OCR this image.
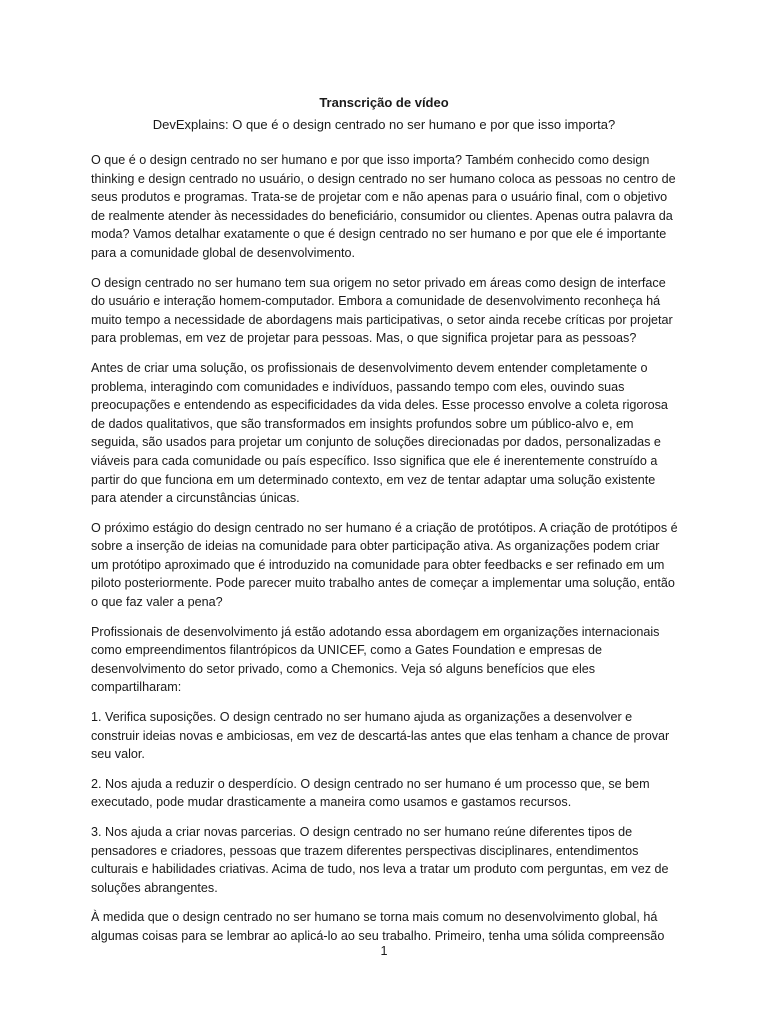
Transcrição de vídeo

DevExplains: O que é o design centrado no ser humano e por que isso importa?

O que é o design centrado no ser humano e por que isso importa? Também conhecido como design thinking e design centrado no usuário, o design centrado no ser humano coloca as pessoas no centro de seus produtos e programas. Trata-se de projetar com e não apenas para o usuário final, com o objetivo de realmente atender às necessidades do beneficiário, consumidor ou clientes. Apenas outra palavra da moda? Vamos detalhar exatamente o que é design centrado no ser humano e por que ele é importante para a comunidade global de desenvolvimento.

O design centrado no ser humano tem sua origem no setor privado em áreas como design de interface do usuário e interação homem-computador. Embora a comunidade de desenvolvimento reconheça há muito tempo a necessidade de abordagens mais participativas, o setor ainda recebe críticas por projetar para problemas, em vez de projetar para pessoas. Mas, o que significa projetar para as pessoas?

Antes de criar uma solução, os profissionais de desenvolvimento devem entender completamente o problema, interagindo com comunidades e indivíduos, passando tempo com eles, ouvindo suas preocupações e entendendo as especificidades da vida deles. Esse processo envolve a coleta rigorosa de dados qualitativos, que são transformados em insights profundos sobre um público-alvo e, em seguida, são usados para projetar um conjunto de soluções direcionadas por dados, personalizadas e viáveis para cada comunidade ou país específico. Isso significa que ele é inerentemente construído a partir do que funciona em um determinado contexto, em vez de tentar adaptar uma solução existente para atender a circunstâncias únicas.

O próximo estágio do design centrado no ser humano é a criação de protótipos. A criação de protótipos é sobre a inserção de ideias na comunidade para obter participação ativa. As organizações podem criar um protótipo aproximado que é introduzido na comunidade para obter feedbacks e ser refinado em um piloto posteriormente. Pode parecer muito trabalho antes de começar a implementar uma solução, então o que faz valer a pena?

Profissionais de desenvolvimento já estão adotando essa abordagem em organizações internacionais como empreendimentos filantrópicos da UNICEF, como a Gates Foundation e empresas de desenvolvimento do setor privado, como a Chemonics. Veja só alguns benefícios que eles compartilharam:

1. Verifica suposições. O design centrado no ser humano ajuda as organizações a desenvolver e construir ideias novas e ambiciosas, em vez de descartá-las antes que elas tenham a chance de provar seu valor.

2. Nos ajuda a reduzir o desperdício. O design centrado no ser humano é um processo que, se bem executado, pode mudar drasticamente a maneira como usamos e gastamos recursos.

3. Nos ajuda a criar novas parcerias. O design centrado no ser humano reúne diferentes tipos de pensadores e criadores, pessoas que trazem diferentes perspectivas disciplinares, entendimentos culturais e habilidades criativas. Acima de tudo, nos leva a tratar um produto com perguntas, em vez de soluções abrangentes.

À medida que o design centrado no ser humano se torna mais comum no desenvolvimento global, há algumas coisas para se lembrar ao aplicá-lo ao seu trabalho. Primeiro, tenha uma sólida compreensão

1
